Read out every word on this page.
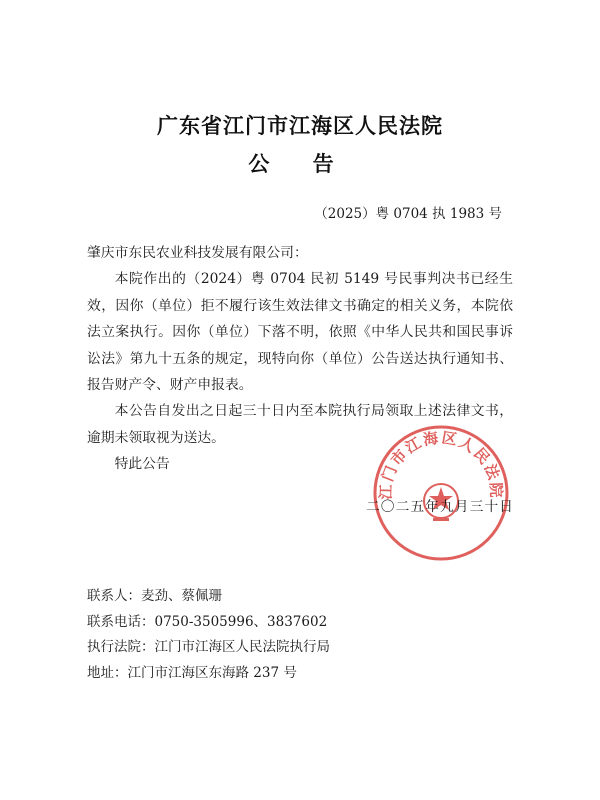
广东省江门市江海区人民法院
公 告
（2025）粤 0704 执 1983 号

肇庆市东民农业科技发展有限公司：

本院作出的（2024）粤 0704 民初 5149 号民事判决书已经生效，因你（单位）拒不履行该生效法律文书确定的相关义务，本院依法立案执行。因你（单位）下落不明，依照《中华人民共和国民事诉讼法》第九十五条的规定，现特向你（单位）公告送达执行通知书、报告财产令、财产申报表。

本公告自发出之日起三十日内至本院执行局领取上述法律文书，逾期未领取视为送达。

特此公告

江门市江海区人民法院
二〇二五年九月三十日

联系人：麦劲、蔡佩珊

联系电话：0750-3505996、3837602

执行法院：江门市江海区人民法院执行局

地址：江门市江海区东海路 237 号
